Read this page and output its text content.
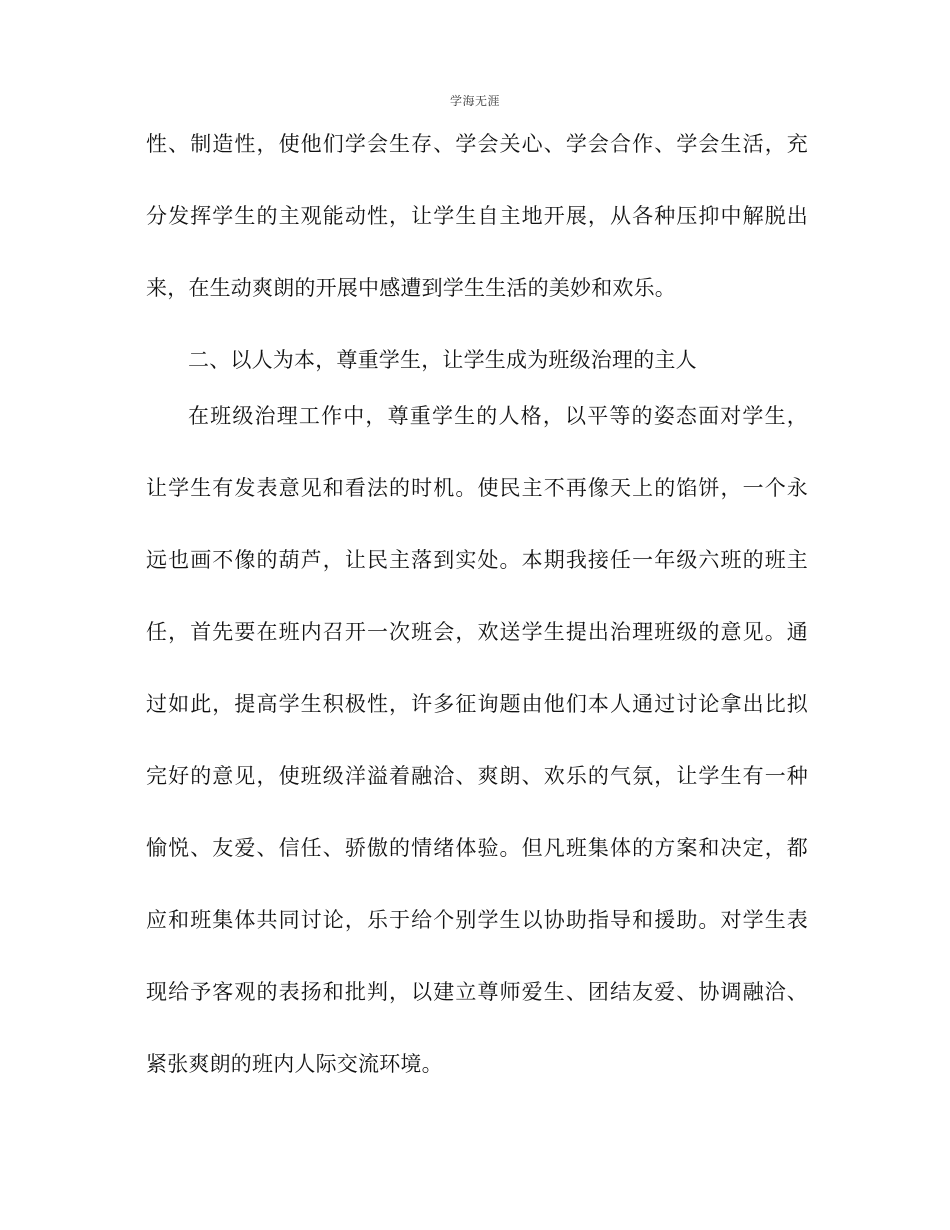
学海无涯
性、制造性，使他们学会生存、学会关心、学会合作、学会生活，充
分发挥学生的主观能动性，让学生自主地开展，从各种压抑中解脱出
来，在生动爽朗的开展中感遭到学生生活的美妙和欢乐。
二、以人为本，尊重学生，让学生成为班级治理的主人
在班级治理工作中，尊重学生的人格，以平等的姿态面对学生，
让学生有发表意见和看法的时机。使民主不再像天上的馅饼，一个永
远也画不像的葫芦，让民主落到实处。本期我接任一年级六班的班主
任，首先要在班内召开一次班会，欢送学生提出治理班级的意见。通
过如此，提高学生积极性，许多征询题由他们本人通过讨论拿出比拟
完好的意见，使班级洋溢着融洽、爽朗、欢乐的气氛，让学生有一种
愉悦、友爱、信任、骄傲的情绪体验。但凡班集体的方案和决定，都
应和班集体共同讨论，乐于给个别学生以协助指导和援助。对学生表
现给予客观的表扬和批判，以建立尊师爱生、团结友爱、协调融洽、
紧张爽朗的班内人际交流环境。
